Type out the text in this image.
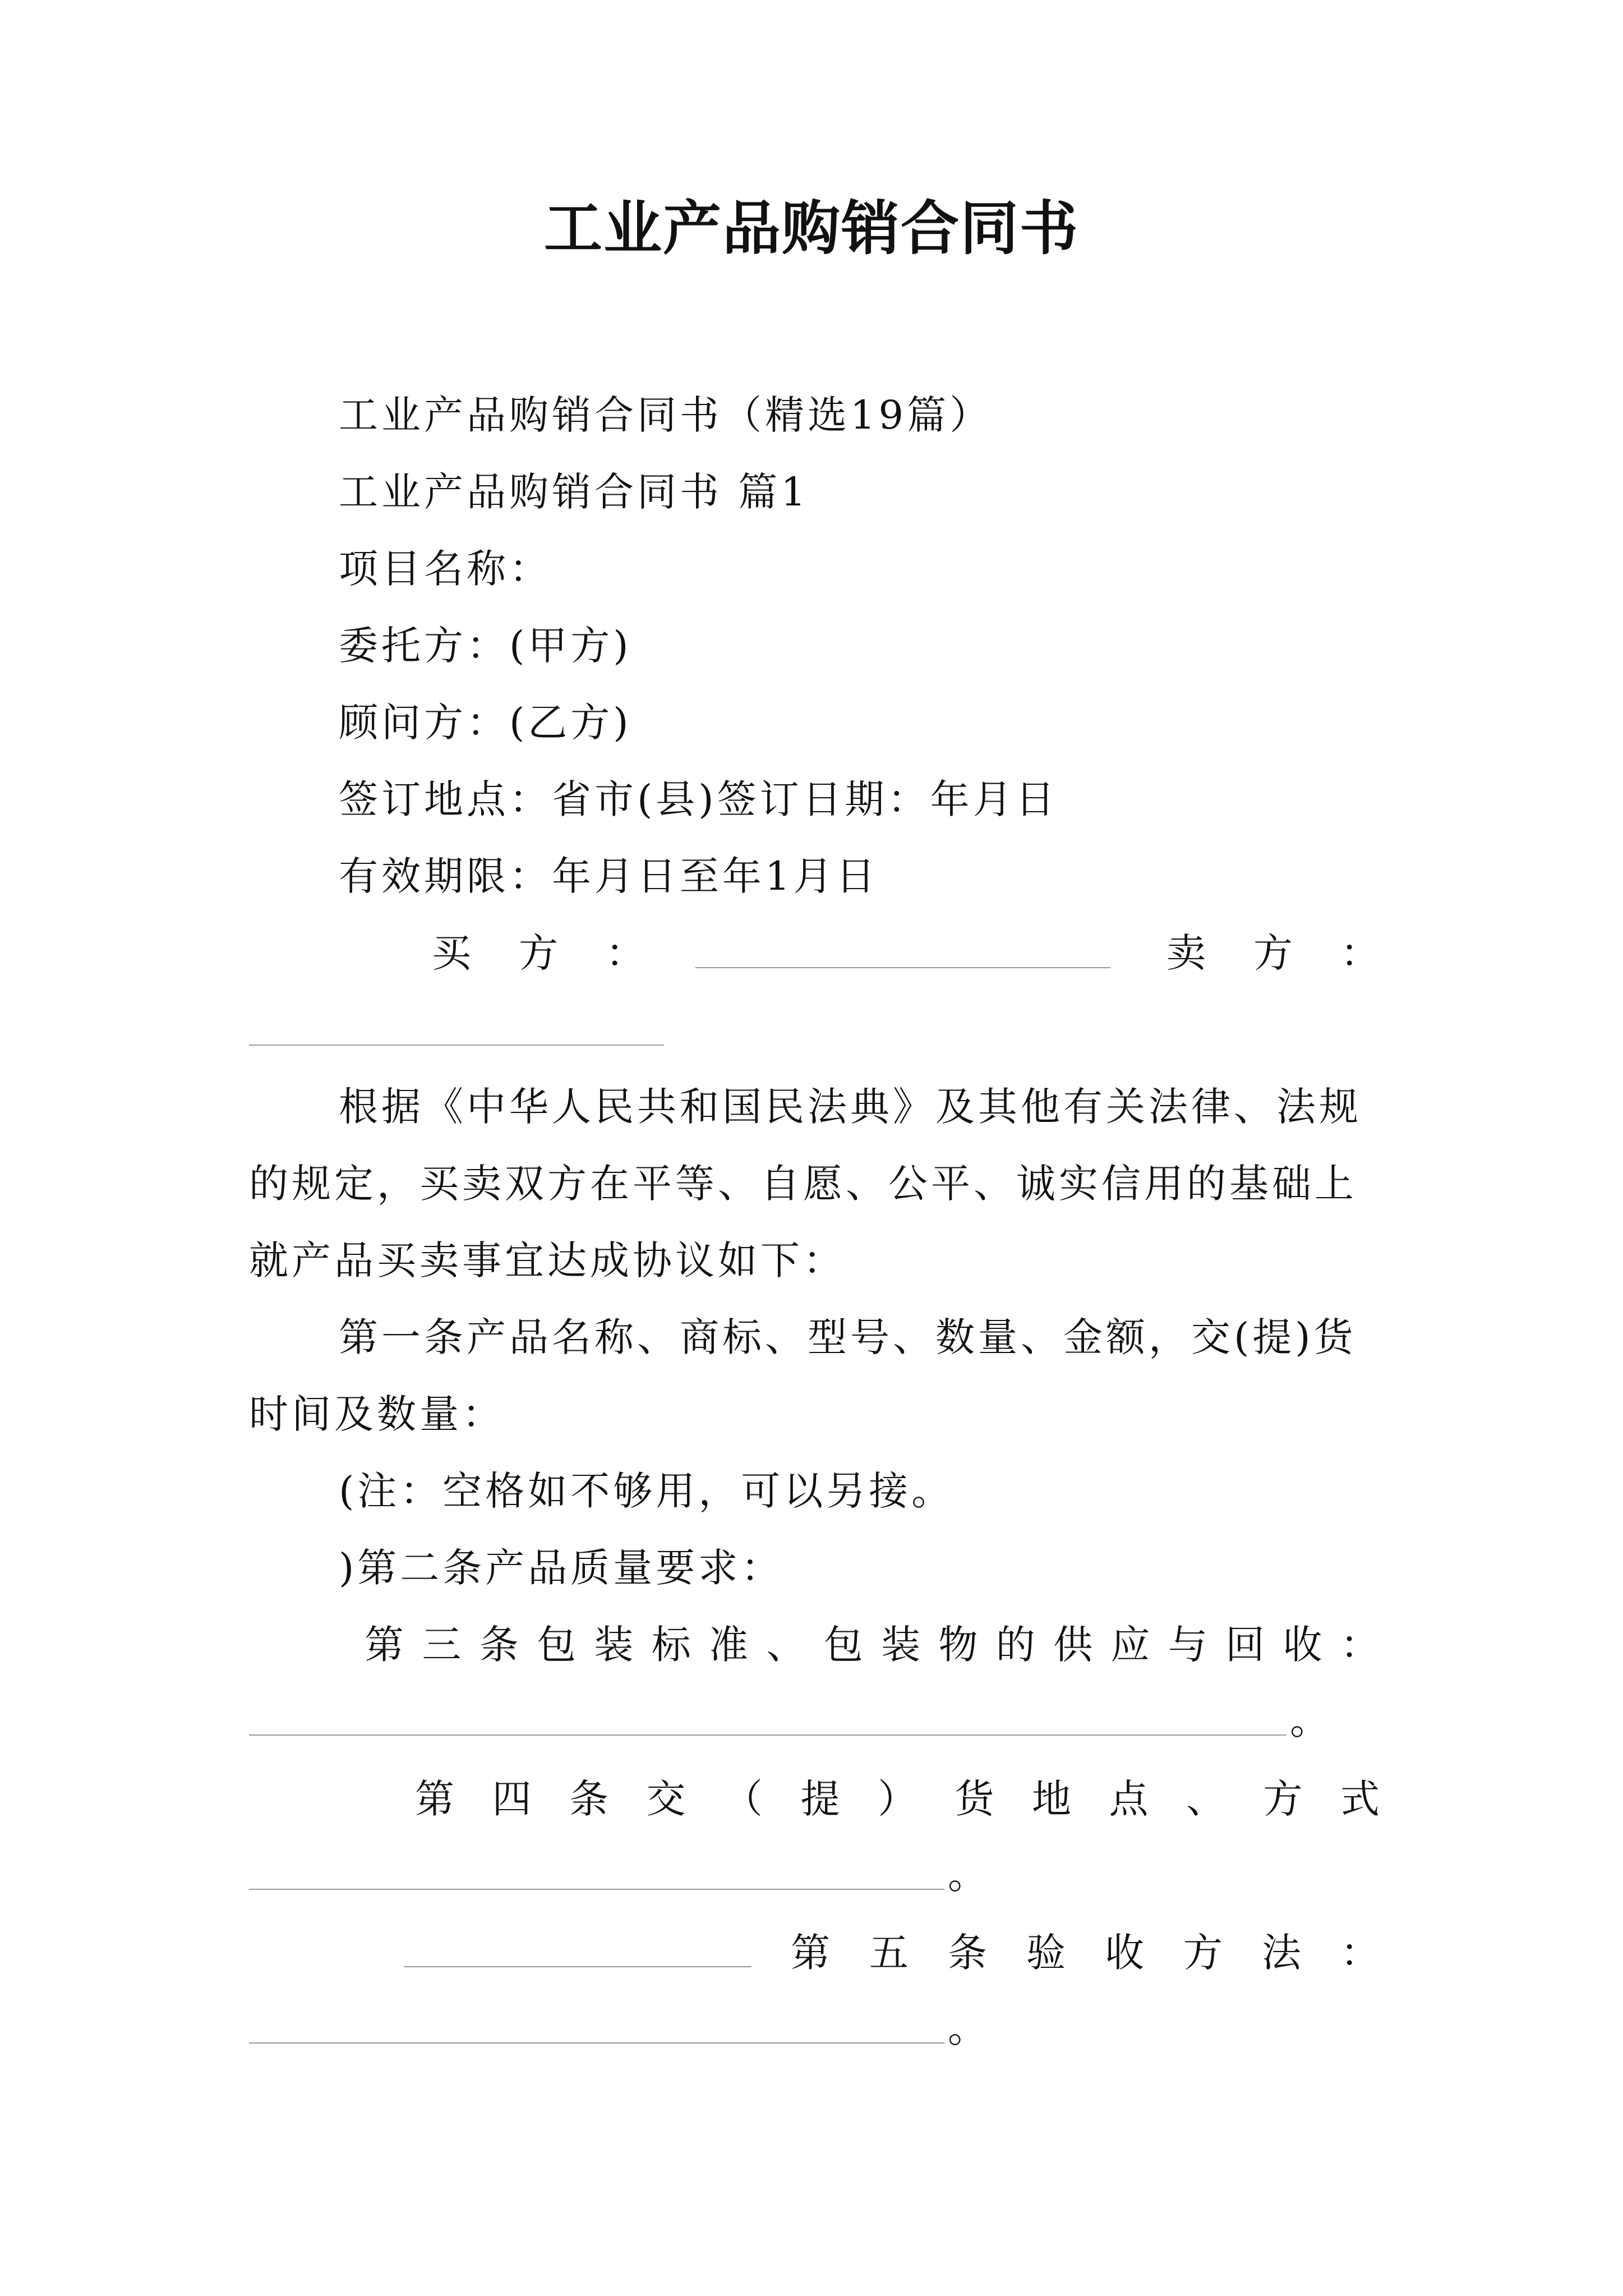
工业产品购销合同书
工业产品购销合同书（精选19篇）
工业产品购销合同书 篇1
项目名称：
委托方：(甲方)
顾问方：(乙方)
签订地点：省市(县)签订日期：年月日
有效期限：年月日至年1月日
买 方 ：	卖 方 ：
根据《中华人民共和国民法典》及其他有关法律、法规
的规定，买卖双方在平等、自愿、公平、诚实信用的基础上
就产品买卖事宜达成协议如下：
第一条产品名称、商标、型号、数量、金额，交(提)货
时间及数量：
(注：空格如不够用，可以另接。
)第二条产品质量要求：
第 三 条 包 装 标 准 、 包 装 物 的 供 应 与 回 收 ：
。
第 四 条 交 （ 提 ） 货 地 点 、 方 式
。
第 五 条 验 收 方 法 ：
。
